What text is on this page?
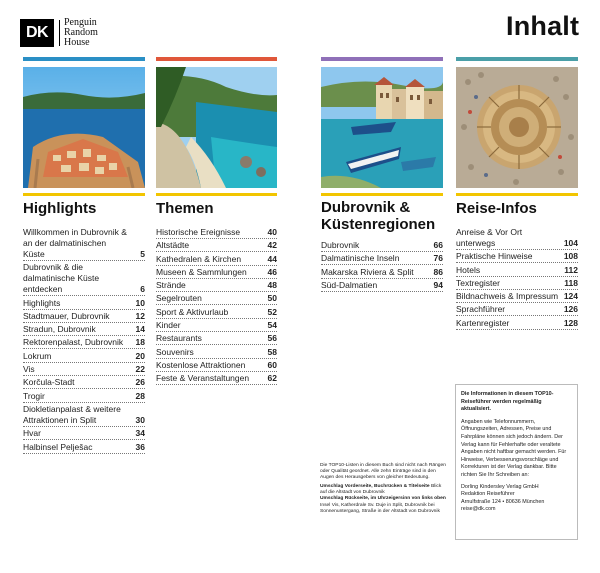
DK
Penguin
Random
House
Inhalt
Highlights
Willkommen in Dubrovnik & an der dalmatinischen Küste	5
Dubrovnik & die dalmatinische Küste entdecken	6
Highlights	10
Stadtmauer, Dubrovnik	12
Stradun, Dubrovnik	14
Rektorenpalast, Dubrovnik	18
Lokrum	20
Vis	22
Korčula-Stadt	26
Trogir	28
Diokletianpalast & weitere Attraktionen in Split	30
Hvar	34
Halbinsel Pelješac	36
Themen
Historische Ereignisse	40
Altstädte	42
Kathedralen & Kirchen	44
Museen & Sammlungen	46
Strände	48
Segelrouten	50
Sport & Aktivurlaub	52
Kinder	54
Restaurants	56
Souvenirs	58
Kostenlose Attraktionen	60
Feste & Veranstaltungen	62
Dubrovnik & Küstenregionen
Dubrovnik	66
Dalmatinische Inseln	76
Makarska Riviera & Split	86
Süd-Dalmatien	94
Reise-Infos
Anreise & Vor Ort unterwegs	104
Praktische Hinweise	108
Hotels	112
Textregister	118
Bildnachweis & Impressum 124
Sprachführer	126
Kartenregister	128
Die Informationen in diesem TOP10-Reiseführer werden regelmäßig aktualisiert.

Angaben wie Telefonnummern, Öffnungszeiten, Adressen, Preise und Fahrpläne können sich jedoch ändern. Der Verlag kann für Fehlerhafte oder veraltete Angaben nicht haftbar gemacht werden. Für Hinweise, Verbesserungsvorschläge und Korrekturen ist der Verlag dankbar. Bitte richten Sie Ihr Schreiben an:

Dorling Kindersley Verlag GmbH
Redaktion Reiseführer
Arnulfstraße 124 • 80636 München
reise@dk.com

Die TOP10-Listen in diesem Buch sind nicht nach Rängen oder Qualität geordnet. Alle zehn Einträge sind in den Augen des Herausgebers von gleicher Bedeutung.

Umschlag Vorderseite, Buchrücken & Titelseite Blick auf die Altstadt von Dubrovnik
Umschlag Rückseite, im Uhrzeigersinn von links oben Insel Vis, Katherdrale Sv. Duje in Split, Dubrovnik bei Sonnenuntergang, Straße in der Altstadt von Dubrovnik
